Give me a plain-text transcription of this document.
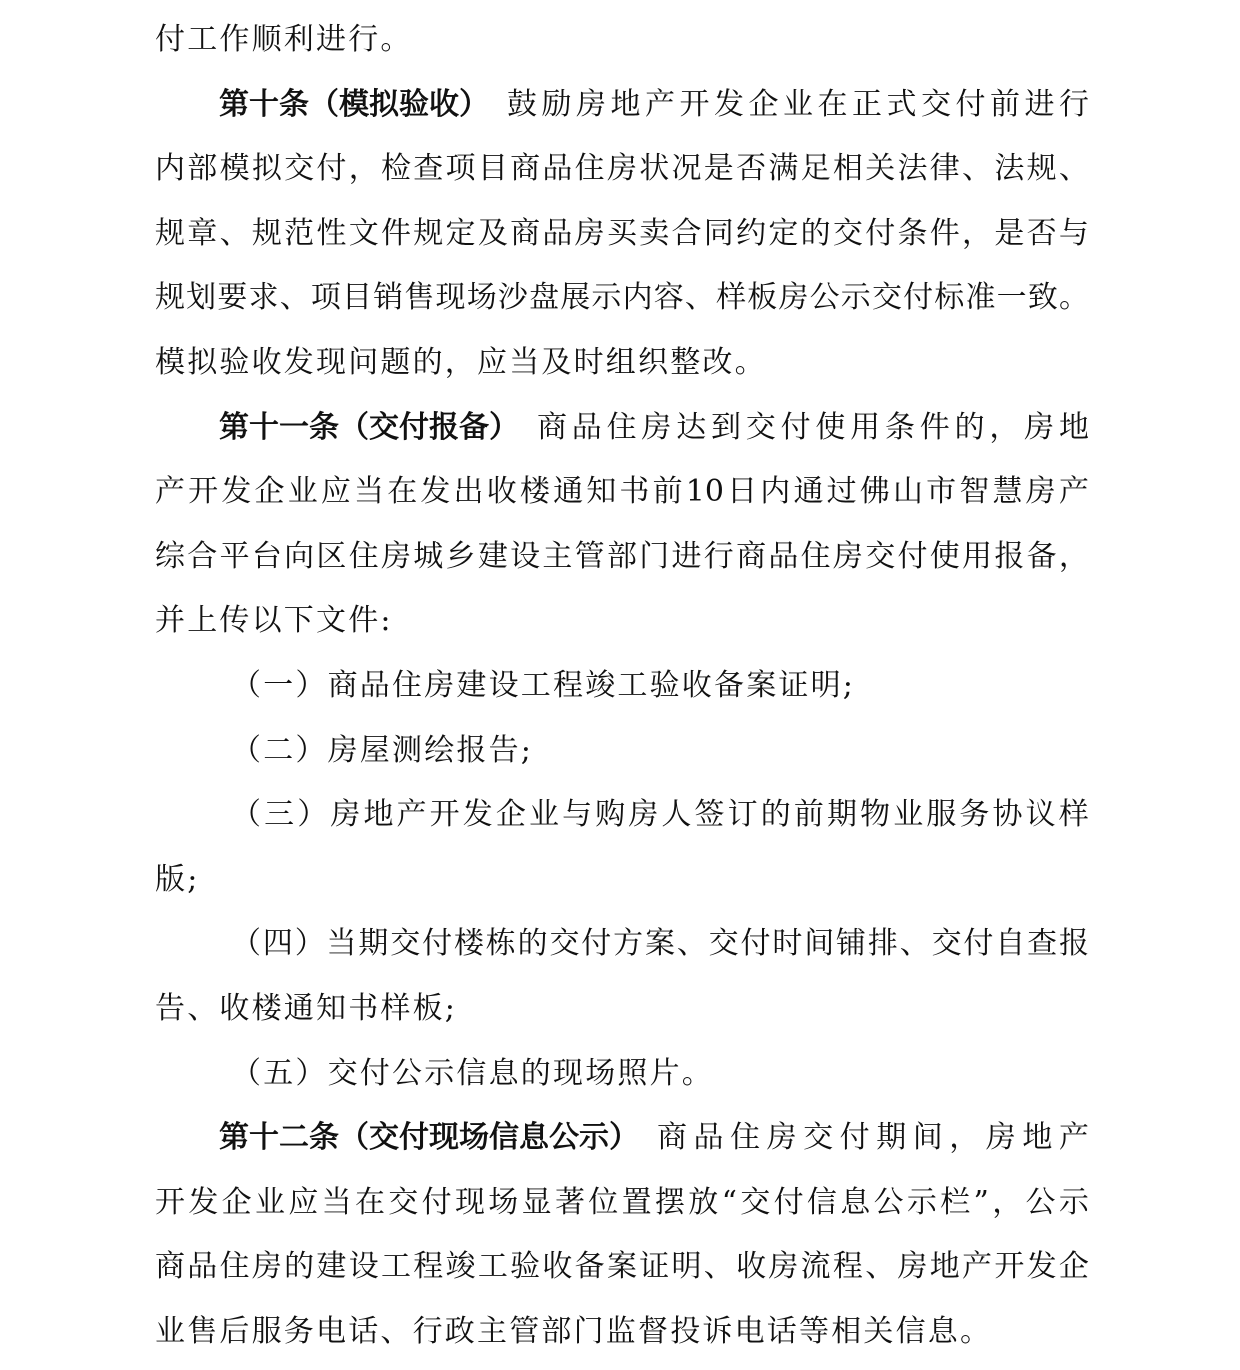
付工作顺利进行。
第十条（模拟验收） 鼓 励 房 地 产 开 发 企 业 在 正 式 交 付 前 进 行
内 部 模 拟 交 付 ， 检 查 项 目 商 品 住 房 状 况 是 否 满 足 相 关 法 律 、 法 规 、
规 章 、 规 范 性 文 件 规 定 及 商 品 房 买 卖 合 同 约 定 的 交 付 条 件 ， 是 否 与
规 划 要 求 、 项 目 销 售 现 场 沙 盘 展 示 内 容 、 样 板 房 公 示 交 付 标 准 一 致 。
模拟验收发现问题的，应当及时组织整改。
第十一条（交付报备） 商 品 住 房 达 到 交 付 使 用 条 件 的 ， 房 地
产 开 发 企 业 应 当 在 发 出 收 楼 通 知 书 前 10 日 内 通 过 佛 山 市 智 慧 房 产
综 合 平 台 向 区 住 房 城 乡 建 设 主 管 部 门 进 行 商 品 住 房 交 付 使 用 报 备 ，
并上传以下文件:
（一）商品住房建设工程竣工验收备案证明;
（二）房屋测绘报告;
（ 三 ） 房 地 产 开 发 企 业 与 购 房 人 签 订 的 前 期 物 业 服 务 协 议 样
版;
（ 四 ） 当 期 交 付 楼 栋 的 交 付 方 案 、 交 付 时 间 铺 排 、 交 付 自 查 报
告、收楼通知书样板;
（五）交付公示信息的现场照片。
第十二条（交付现场信息公示） 商 品 住 房 交 付 期 间 ， 房 地 产
开 发 企 业 应 当 在 交 付 现 场 显 著 位 置 摆 放 “ 交 付 信 息 公 示 栏 ” ， 公 示
商 品 住 房 的 建 设 工 程 竣 工 验 收 备 案 证 明 、 收 房 流 程 、 房 地 产 开 发 企
业售后服务电话、行政主管部门监督投诉电话等相关信息。
